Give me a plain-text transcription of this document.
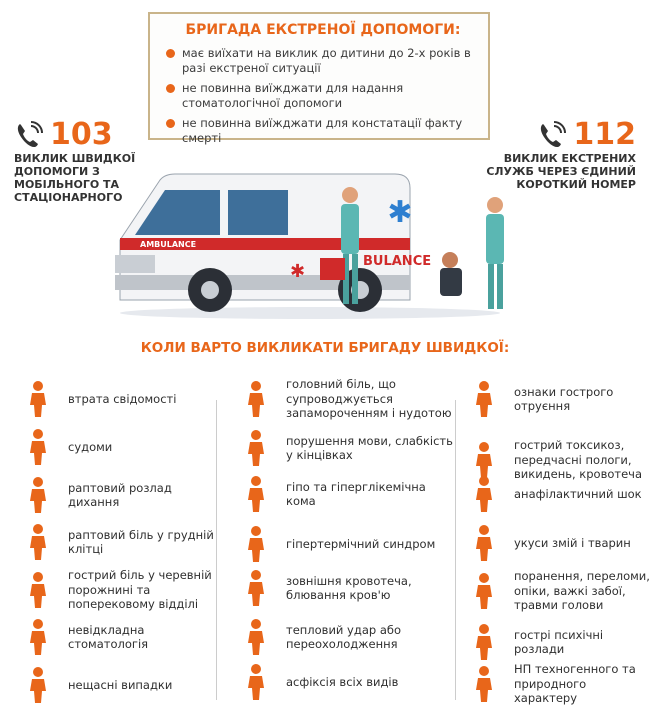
БРИГАДА ЕКСТРЕНОЇ ДОПОМОГИ:
має виїхати на виклик до дитини до 2-х років в разі екстреної ситуації
не повинна виїжджати для надання стоматологічної допомоги
не повинна виїжджати для констатації факту смерті
103
ВИКЛИК ШВИДКОЇ ДОПОМОГИ З МОБІЛЬНОГО ТА СТАЦІОНАРНОГО
112
ВИКЛИК ЕКСТРЕНИХ СЛУЖБ ЧЕРЕЗ ЄДИНИЙ КОРОТКИЙ НОМЕР
AMBULANCE
✱
✱	BULANCE
КОЛИ ВАРТО ВИКЛИКАТИ БРИГАДУ ШВИДКОЇ:
втрата свідомості
судоми
раптовий розлад дихання
раптовий біль у грудній клітці
гострий біль у черевній порожнині та поперековому відділі
невідкладна стоматологія
нещасні випадки
головний біль, що супроводжується запамороченням і нудотою
порушення мови, слабкість у кінцівках
гіпо та гіперглікемічна кома
гіпертермічний синдром
зовнішня кровотеча, блювання кров'ю
тепловий удар або переохолодження
асфіксія всіх видів
ознаки гострого отруєння
гострий токсикоз, передчасні пологи, викидень, кровотеча
анафілактичний шок
укуси змій і тварин
поранення, переломи, опіки, важкі забої, травми голови
гострі психічні розлади
НП техногенного та природного характеру
